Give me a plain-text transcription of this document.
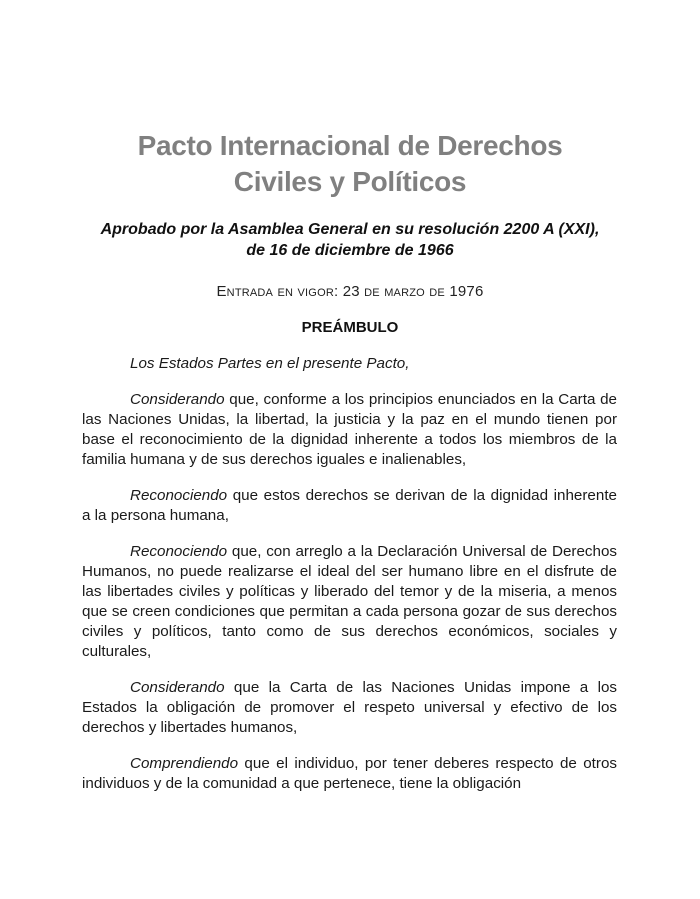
Pacto Internacional de Derechos
Civiles y Políticos
Aprobado por la Asamblea General en su resolución 2200 A (XXI),
de 16 de diciembre de 1966
Entrada en vigor: 23 de marzo de 1976
PREÁMBULO

Los Estados Partes en el presente Pacto,

Considerando que, conforme a los principios enunciados en la Carta de las Naciones Unidas, la libertad, la justicia y la paz en el mundo tienen por base el reconocimiento de la dignidad inherente a todos los miembros de la familia humana y de sus derechos iguales e inalienables,

Reconociendo que estos derechos se derivan de la dignidad inherente a la persona humana,

Reconociendo que, con arreglo a la Declaración Universal de Derechos Humanos, no puede realizarse el ideal del ser humano libre en el disfrute de las libertades civiles y políticas y liberado del temor y de la miseria, a menos que se creen condiciones que permitan a cada persona gozar de sus derechos civiles y políticos, tanto como de sus derechos económicos, sociales y culturales,

Considerando que la Carta de las Naciones Unidas impone a los Estados la obligación de promover el respeto universal y efectivo de los derechos y libertades humanos,

Comprendiendo que el individuo, por tener deberes respecto de otros individuos y de la comunidad a que pertenece, tiene la obligación
